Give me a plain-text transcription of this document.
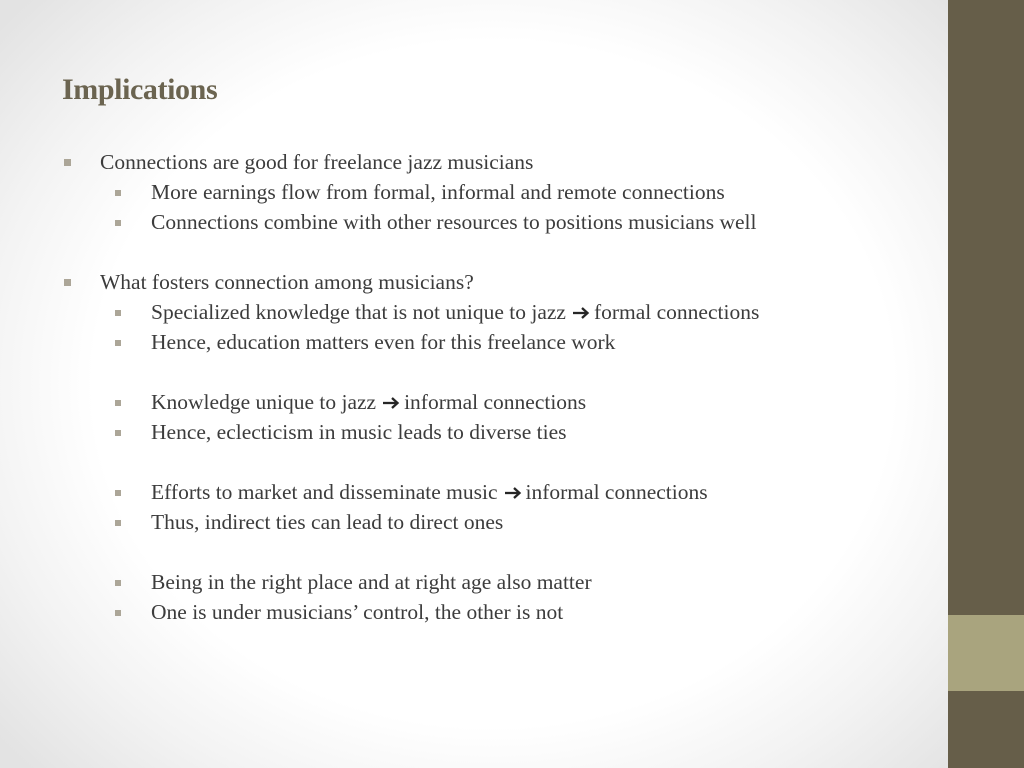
Implications
Connections are good for freelance jazz musicians
More earnings flow from formal, informal and remote connections
Connections combine with other resources to positions musicians well
What fosters connection among musicians?
Specialized knowledge that is not unique to jazz formal connections
Hence, education matters even for this freelance work
Knowledge unique to jazz informal connections
Hence, eclecticism in music leads to diverse ties
Efforts to market and disseminate music informal connections
Thus, indirect ties can lead to direct ones
Being in the right place and at right age also matter
One is under musicians’ control, the other is not
